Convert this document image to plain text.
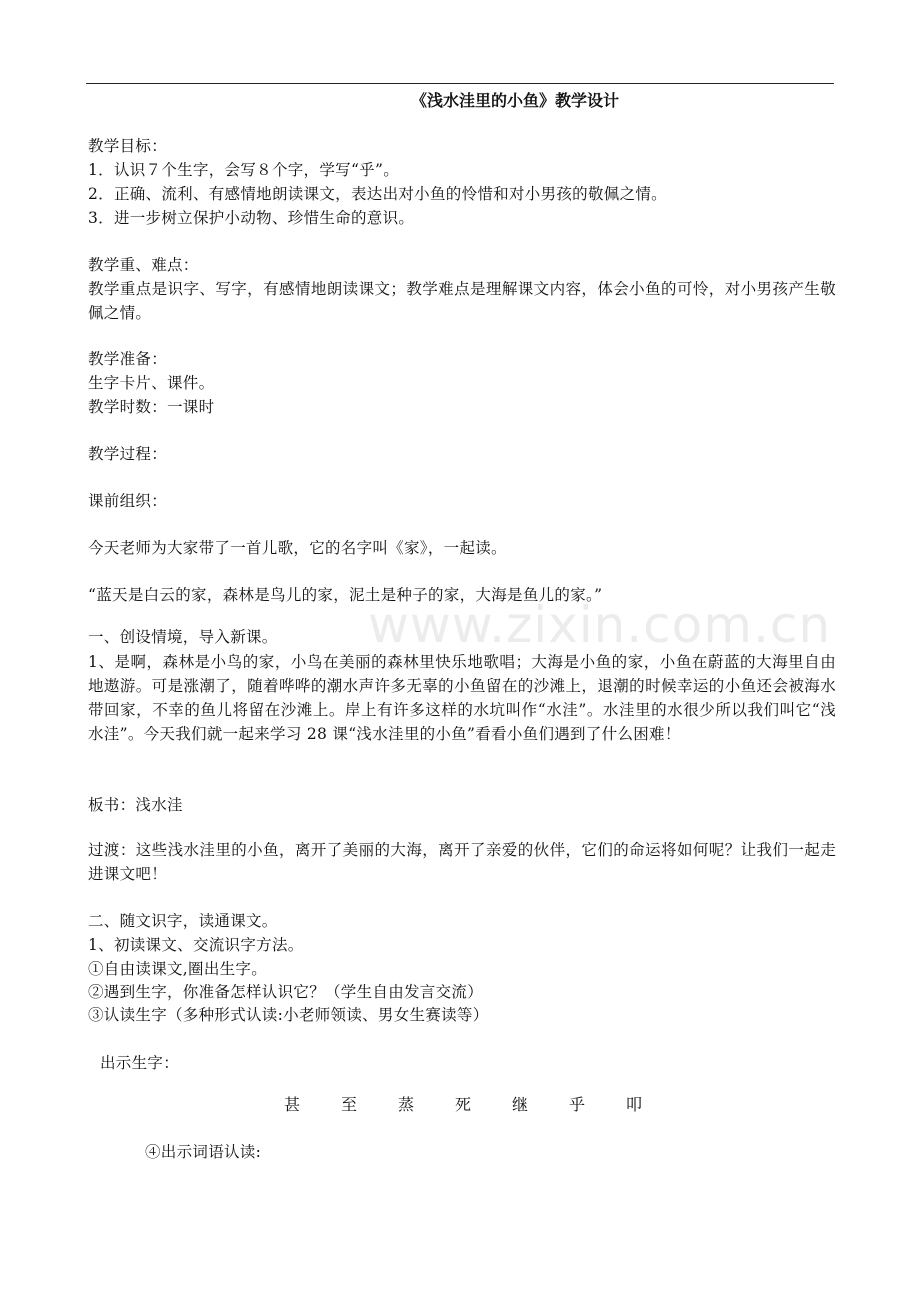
www.zixin.com.cn
《浅水洼里的小鱼》教学设计
教学目标：
1．认识７个生字，会写８个字，学写“乎”。
2．正确、流利、有感情地朗读课文，表达出对小鱼的怜惜和对小男孩的敬佩之情。
3．进一步树立保护小动物、珍惜生命的意识。
教学重、难点：
教学重点是识字、写字，有感情地朗读课文；教学难点是理解课文内容，体会小鱼的可怜，对小男孩产生敬佩之情。
教学准备：
生字卡片、课件。
教学时数：一课时
教学过程：
课前组织：
今天老师为大家带了一首儿歌，它的名字叫《家》，一起读。
“蓝天是白云的家，森林是鸟儿的家，泥土是种子的家，大海是鱼儿的家。”
一、创设情境，导入新课。
1、是啊，森林是小鸟的家，小鸟在美丽的森林里快乐地歌唱；大海是小鱼的家，小鱼在蔚蓝的大海里自由地遨游。可是涨潮了，随着哗哗的潮水声许多无辜的小鱼留在的沙滩上，退潮的时候幸运的小鱼还会被海水带回家，不幸的鱼儿将留在沙滩上。岸上有许多这样的水坑叫作“水洼”。水洼里的水很少所以我们叫它“浅水洼”。今天我们就一起来学习 28 课“浅水洼里的小鱼”看看小鱼们遇到了什么困难！
板书：浅水洼
过渡：这些浅水洼里的小鱼，离开了美丽的大海，离开了亲爱的伙伴，它们的命运将如何呢？让我们一起走进课文吧！
二、随文识字，读通课文。
1、初读课文、交流识字方法。
①自由读课文,圈出生字。
②遇到生字，你准备怎样认识它？（学生自由发言交流）
③认读生字（多种形式认读:小老师领读、男女生赛读等）
出示生字：
甚	至	蒸	死	继	乎	叩
④出示词语认读:
